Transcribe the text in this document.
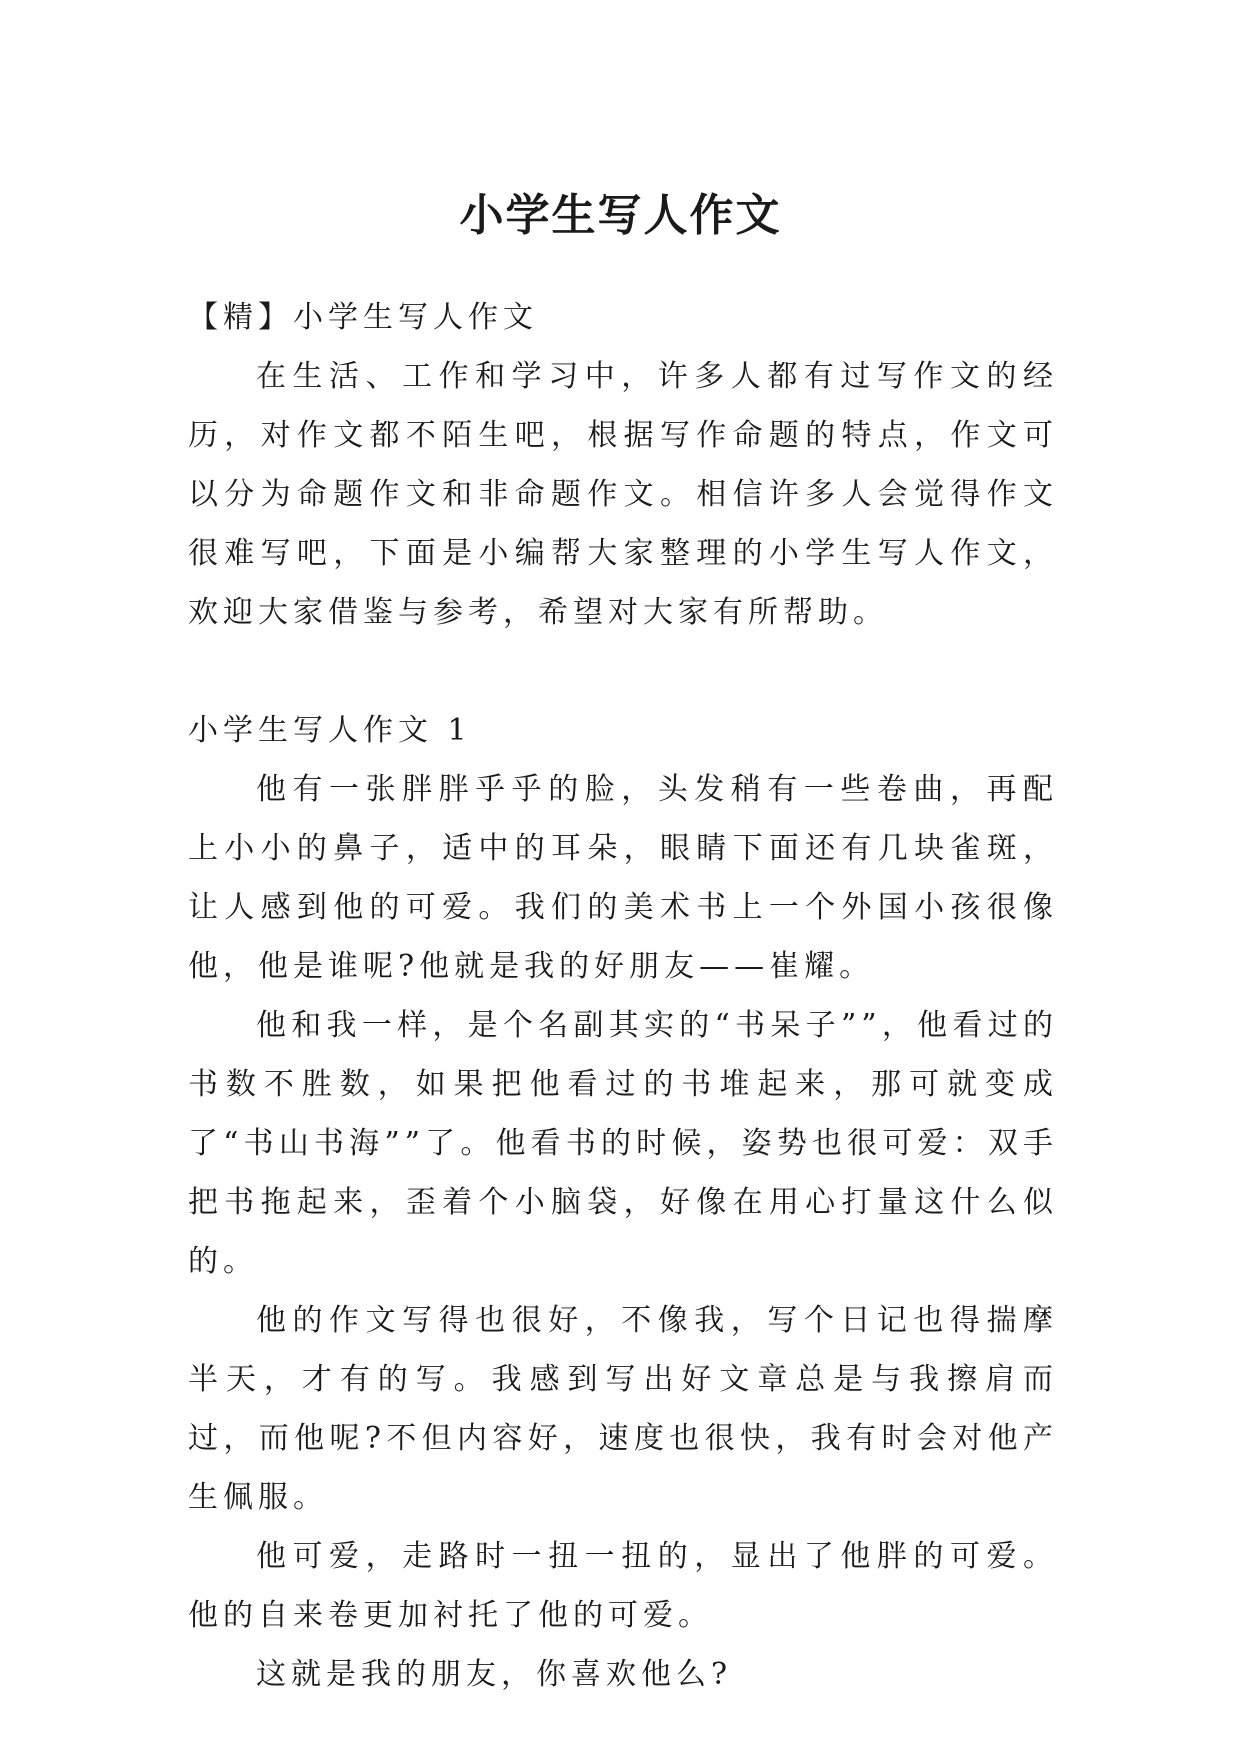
小学生写人作文

【精】小学生写人作文

在生活、工作和学习中，许多人都有过写作文的经历，对作文都不陌生吧，根据写作命题的特点，作文可以分为命题作文和非命题作文。相信许多人会觉得作文很难写吧，下面是小编帮大家整理的小学生写人作文，欢迎大家借鉴与参考，希望对大家有所帮助。

小学生写人作文 1

他有一张胖胖乎乎的脸，头发稍有一些卷曲，再配上小小的鼻子，适中的耳朵，眼睛下面还有几块雀斑，让人感到他的可爱。我们的美术书上一个外国小孩很像他，他是谁呢?他就是我的好朋友——崔耀。

他和我一样，是个名副其实的“书呆子””，他看过的书数不胜数，如果把他看过的书堆起来，那可就变成了“书山书海””了。他看书的时候，姿势也很可爱：双手把书拖起来，歪着个小脑袋，好像在用心打量这什么似的。

他的作文写得也很好，不像我，写个日记也得揣摩半天，才有的写。我感到写出好文章总是与我擦肩而过，而他呢?不但内容好，速度也很快，我有时会对他产生佩服。

他可爱，走路时一扭一扭的，显出了他胖的可爱。他的自来卷更加衬托了他的可爱。

这就是我的朋友，你喜欢他么?
